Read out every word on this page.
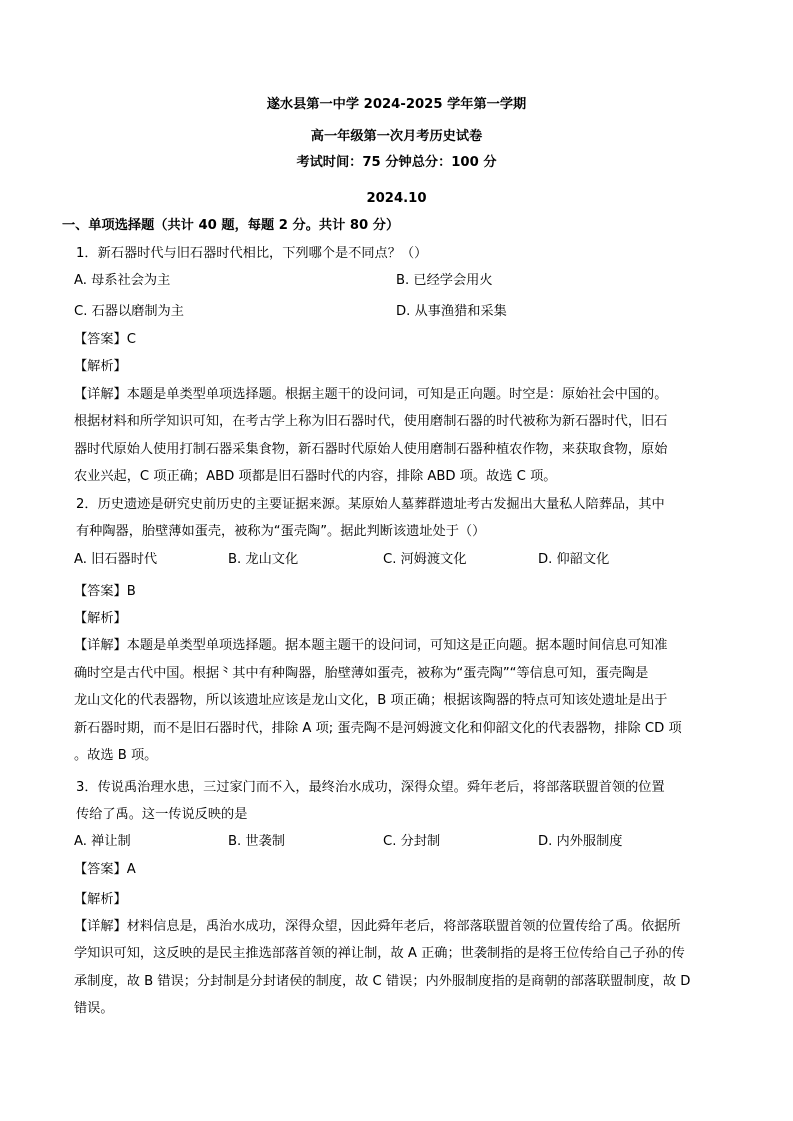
遂水县第一中学 2024-2025 学年第一学期
高一年级第一次月考历史试卷
考试时间：75 分钟总分：100 分
2024.10
一、单项选择题（共计 40 题，每题 2 分。共计 80 分）
1．新石器时代与旧石器时代相比，下列哪个是不同点？（）
A. 母系社会为主	B. 已经学会用火
C. 石器以磨制为主	D. 从事渔猎和采集
【答案】C
【解析】
【详解】本题是单类型单项选择题。根据主题干的设问词，可知是正向题。时空是：原始社会中国的。
根据材料和所学知识可知，在考古学上称为旧石器时代，使用磨制石器的时代被称为新石器时代，旧石
器时代原始人使用打制石器采集食物，新石器时代原始人使用磨制石器种植农作物，来获取食物，原始
农业兴起，C 项正确；ABD 项都是旧石器时代的内容，排除 ABD 项。故选 C 项。
2．历史遗迹是研究史前历史的主要证据来源。某原始人墓葬群遗址考古发掘出大量私人陪葬品，其中
有种陶器，胎壁薄如蛋壳，被称为“蛋壳陶”。据此判断该遗址处于（）
A. 旧石器时代	B. 龙山文化	C. 河姆渡文化	D. 仰韶文化
【答案】B
【解析】
【详解】本题是单类型单项选择题。据本题主题干的设问词，可知这是正向题。据本题时间信息可知准
确时空是古代中国。根据⺀其中有种陶器，胎壁薄如蛋壳，被称为“蛋壳陶”“等信息可知，蛋壳陶是
龙山文化的代表器物，所以该遗址应该是龙山文化，B 项正确；根据该陶器的特点可知该处遗址是出于
新石器时期，而不是旧石器时代，排除 A 项; 蛋壳陶不是河姆渡文化和仰韶文化的代表器物，排除 CD 项
。故选 B 项。
3．传说禹治理水患，三过家门而不入，最终治水成功，深得众望。舜年老后，将部落联盟首领的位置
传给了禹。这一传说反映的是
A. 禅让制	B. 世袭制	C. 分封制	D. 内外服制度
【答案】A
【解析】
【详解】材料信息是，禹治水成功，深得众望，因此舜年老后，将部落联盟首领的位置传给了禹。依据所
学知识可知，这反映的是民主推选部落首领的禅让制，故 A 正确；世袭制指的是将王位传给自己子孙的传
承制度，故 B 错误；分封制是分封诸侯的制度，故 C 错误；内外服制度指的是商朝的部落联盟制度，故 D
错误。
